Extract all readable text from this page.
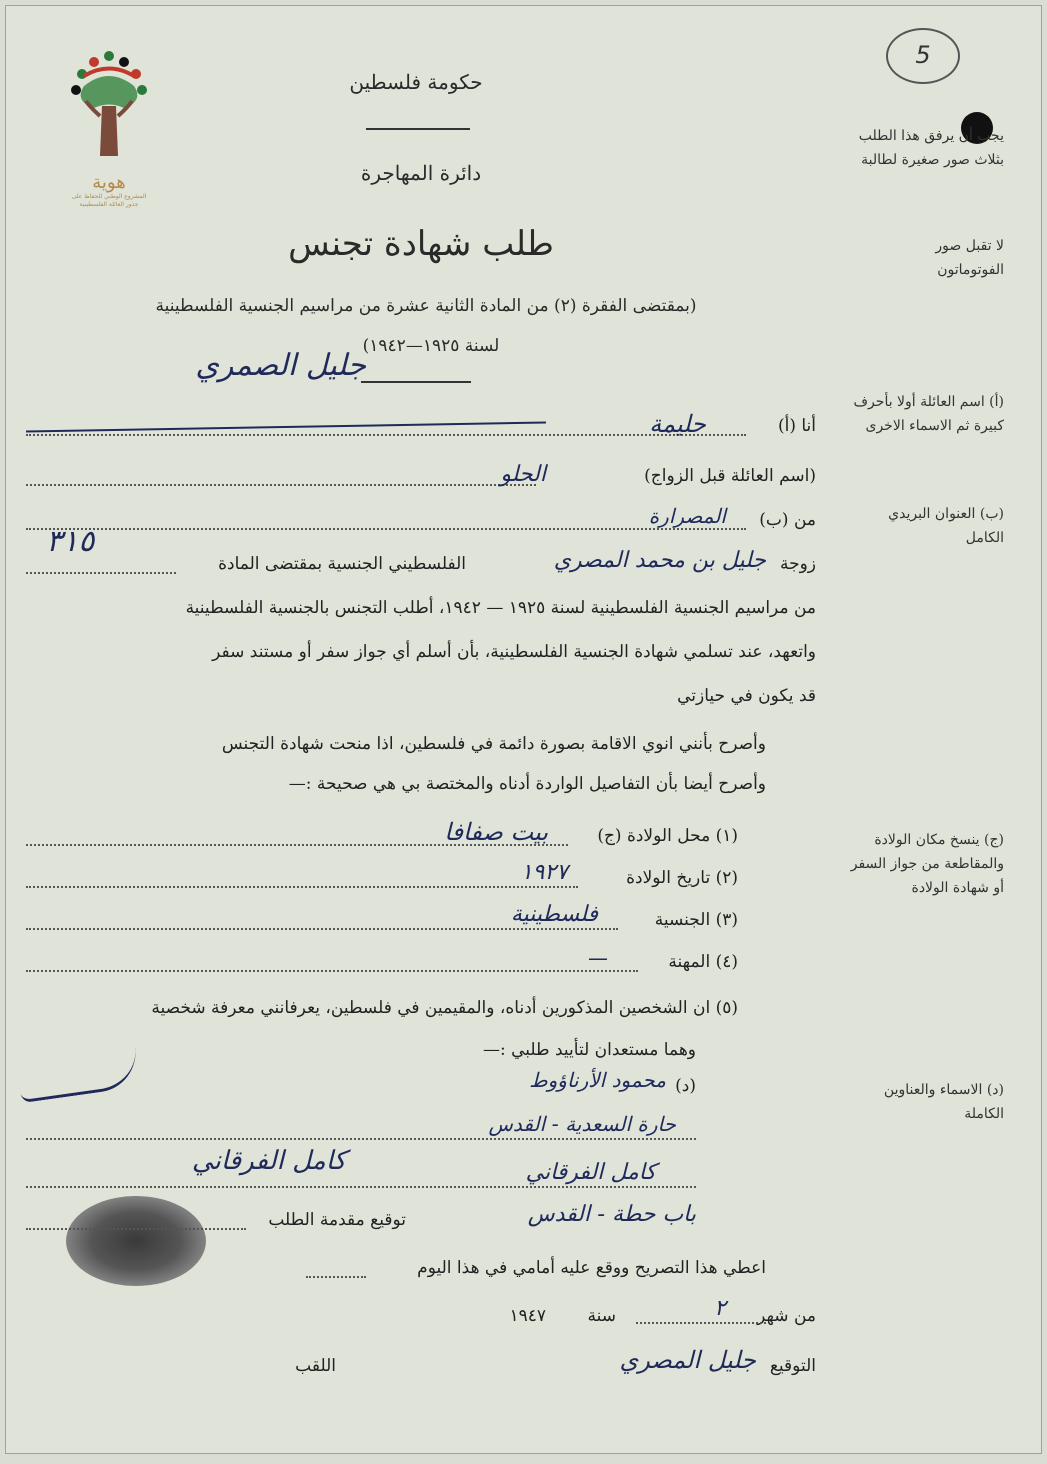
هوية
المشروع الوطني للحفاظ على
جذور العائلة الفلسطينية
5
حكومة فلسطين
دائرة المهاجرة
طلب شهادة تجنس
(بمقتضى الفقرة (٢) من المادة الثانية عشرة من مراسيم الجنسية الفلسطينية
لسنة ١٩٢٥—١٩٤٢)
يجب أن يرفق هذا الطلب بثلاث صور صغيرة لطالبة
لا تقبل صور الفوتوماتون
(أ) اسم العائلة أولا بأحرف كبيرة ثم الاسماء الاخرى
(ب) العنوان البريدي الكامل
(ج) ينسخ مكان الولادة والمقاطعة من جواز السفر أو شهادة الولادة
(د) الاسماء والعناوين الكاملة
جليل الصمري
أنا (أ)
حليمة
(اسم العائلة قبل الزواج)
الحلو
من (ب)
المصرارة
٣١٥
زوجة
جليل بن محمد المصري
الفلسطيني الجنسية بمقتضى المادة
من مراسيم الجنسية الفلسطينية لسنة ١٩٢٥ — ١٩٤٢، أطلب التجنس بالجنسية الفلسطينية
واتعهد، عند تسلمي شهادة الجنسية الفلسطينية، بأن أسلم أي جواز سفر أو مستند سفر
قد يكون في حيازتي
وأصرح بأنني انوي الاقامة بصورة دائمة في فلسطين، اذا منحت شهادة التجنس
وأصرح أيضا بأن التفاصيل الواردة أدناه والمختصة بي هي صحيحة :—
(١) محل الولادة (ج)
بيت صفافا
(٢) تاريخ الولادة
١٩٢٧
(٣) الجنسية
فلسطينية
(٤) المهنة
—
(٥) ان الشخصين المذكورين أدناه، والمقيمين في فلسطين، يعرفانني معرفة شخصية
وهما مستعدان لتأييد طلبي :—
(د)
محمود الأرناؤوط
حارة السعدية - القدس
كامل الفرقاني	كامل الفرقاني
توقيع مقدمة الطلب	باب حطة - القدس
اعطي هذا التصريح ووقع عليه أمامي في هذا اليوم
من شهر
٢
سنة
١٩٤٧
التوقيع
جليل المصري
اللقب
